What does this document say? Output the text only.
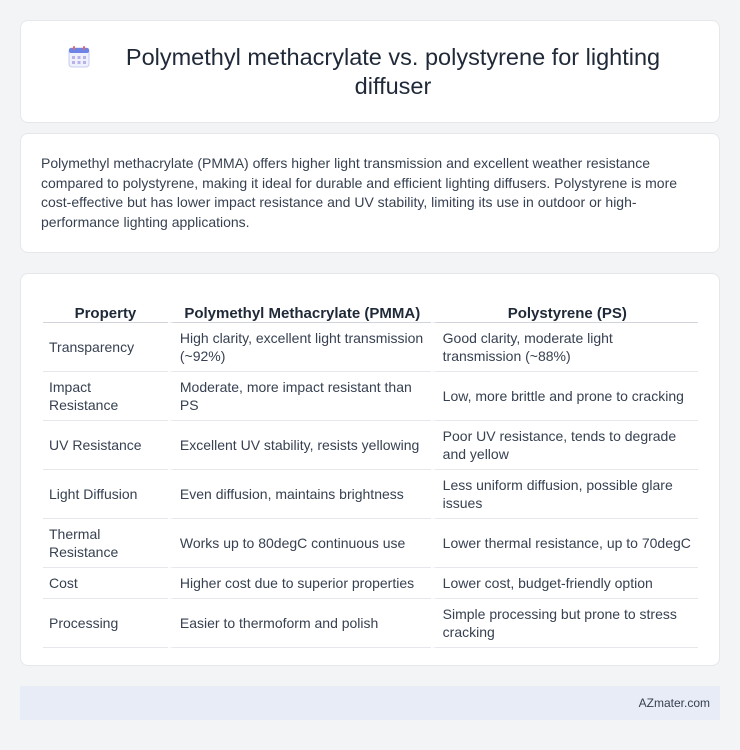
Polymethyl methacrylate vs. polystyrene for lighting diffuser

Polymethyl methacrylate (PMMA) offers higher light transmission and excellent weather resistance compared to polystyrene, making it ideal for durable and efficient lighting diffusers. Polystyrene is more cost-effective but has lower impact resistance and UV stability, limiting its use in outdoor or high-performance lighting applications.

Property	Polymethyl Methacrylate (PMMA)	Polystyrene (PS)
Transparency	High clarity, excellent light transmission (~92%)	Good clarity, moderate light transmission (~88%)
Impact Resistance	Moderate, more impact resistant than PS	Low, more brittle and prone to cracking
UV Resistance	Excellent UV stability, resists yellowing	Poor UV resistance, tends to degrade and yellow
Light Diffusion	Even diffusion, maintains brightness	Less uniform diffusion, possible glare issues
Thermal Resistance	Works up to 80degC continuous use	Lower thermal resistance, up to 70degC
Cost	Higher cost due to superior properties	Lower cost, budget-friendly option
Processing	Easier to thermoform and polish	Simple processing but prone to stress cracking
AZmater.com
